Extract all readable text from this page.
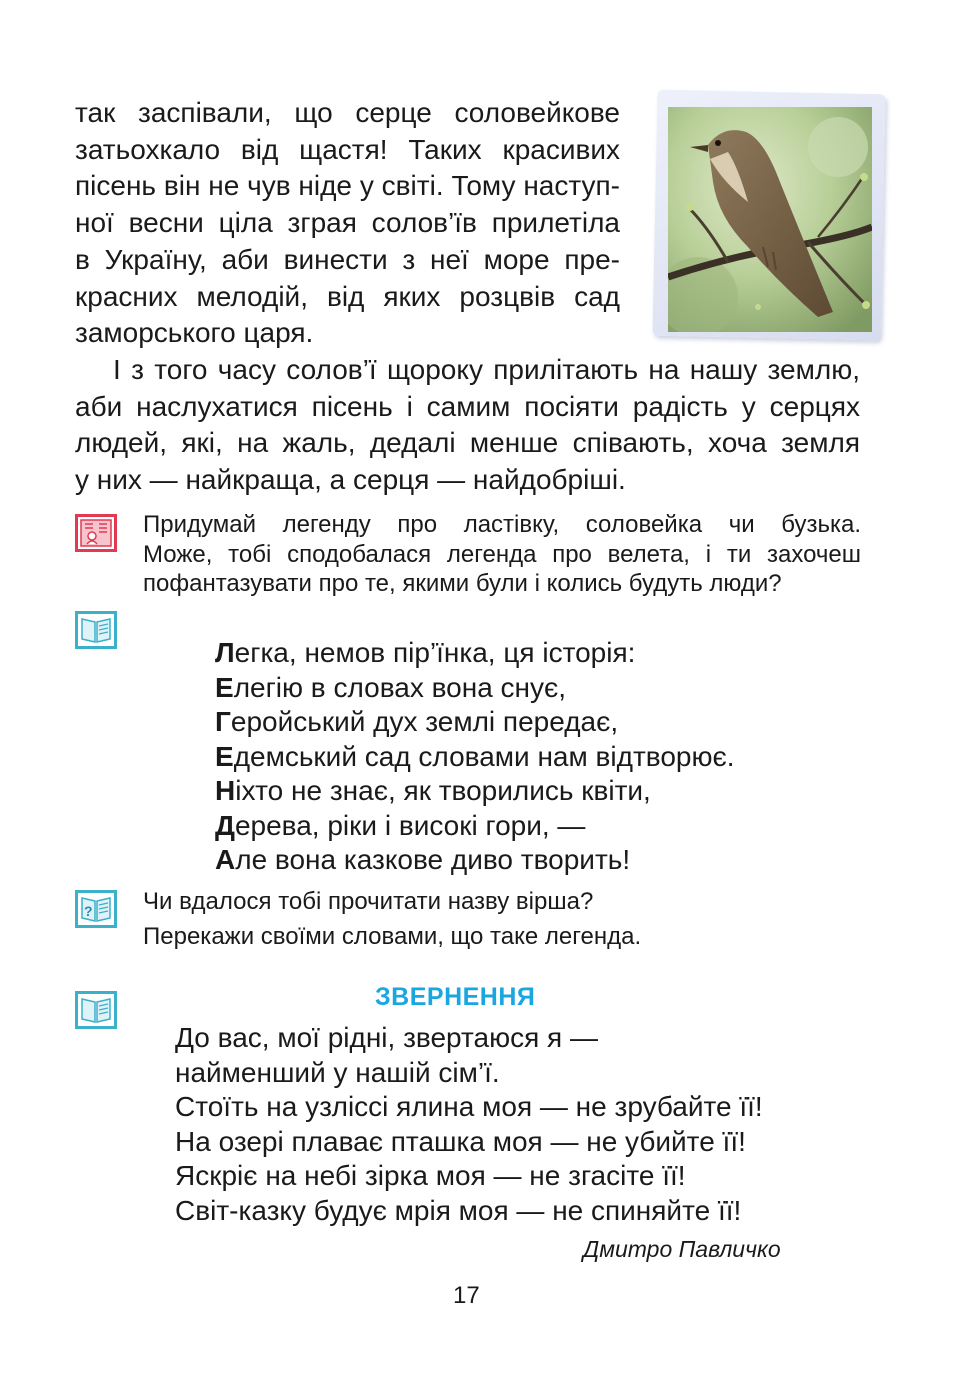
так заспівали, що серце соловейкове
затьохкало від щастя! Таких красивих
пісень він не чув ніде у світі. Тому наступ-
ної весни ціла зграя солов’їв прилетіла
в Україну, аби винести з неї море пре-
красних мелодій, від яких розцвів сад
заморського царя.
І з того часу солов’ї щороку прилітають на нашу землю,
аби наслухатися пісень і самим посіяти радість у серцях
людей, які, на жаль, дедалі менше співають, хоча земля
у них — найкраща, а серця — найдобріші.
Придумай легенду про ластівку, соловейка чи бузька.
Може, тобі сподобалася легенда про велета, і ти захочеш
пофантазувати про те, якими були і колись будуть люди?
Легка, немов пір’їнка, ця історія:
Елегію в словах вона снує,
Геройський дух землі передає,
Едемський сад словами нам відтворює.
Ніхто не знає, як творились квіти,
Дерева, ріки і високі гори, —
Але вона казкове диво творить!
? Чи вдалося тобі прочитати назву вірша?
Перекажи своїми словами, що таке легенда.
ЗВЕРНЕННЯ
До вас, мої рідні, звертаюся я —
найменший у нашій сім’ї.
Стоїть на узліссі ялина моя — не зрубайте її!
На озері плаває пташка моя — не убийте її!
Яскріє на небі зірка моя — не згасіте її!
Світ-казку будує мрія моя — не спиняйте її!
Дмитро Павличко
17
